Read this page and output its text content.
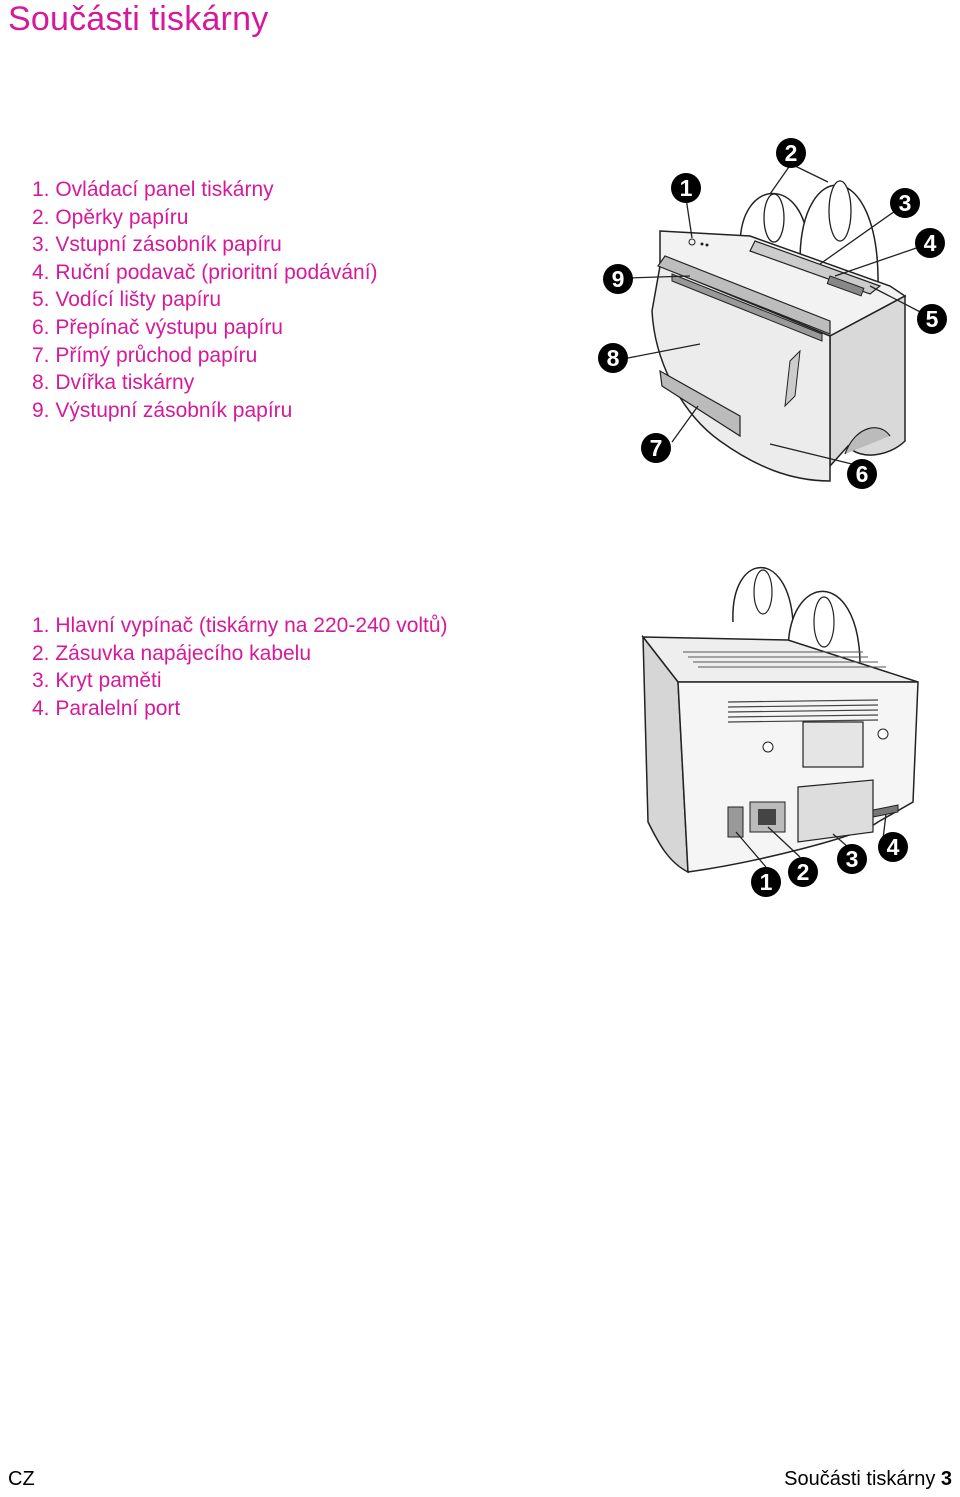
Součásti tiskárny
1. Ovládací panel tiskárny
2. Opěrky papíru
3. Vstupní zásobník papíru
4. Ruční podavač (prioritní podávání)
5. Vodící lišty papíru
6. Přepínač výstupu papíru
7. Přímý průchod papíru
8. Dvířka tiskárny
9. Výstupní zásobník papíru
1
2
3
4
5
6
7
8
9
1. Hlavní vypínač (tiskárny na 220-240 voltů)
2. Zásuvka napájecího kabelu
3. Kryt paměti
4. Paralelní port
1 2 3 4

CZ	Součásti tiskárny 3
